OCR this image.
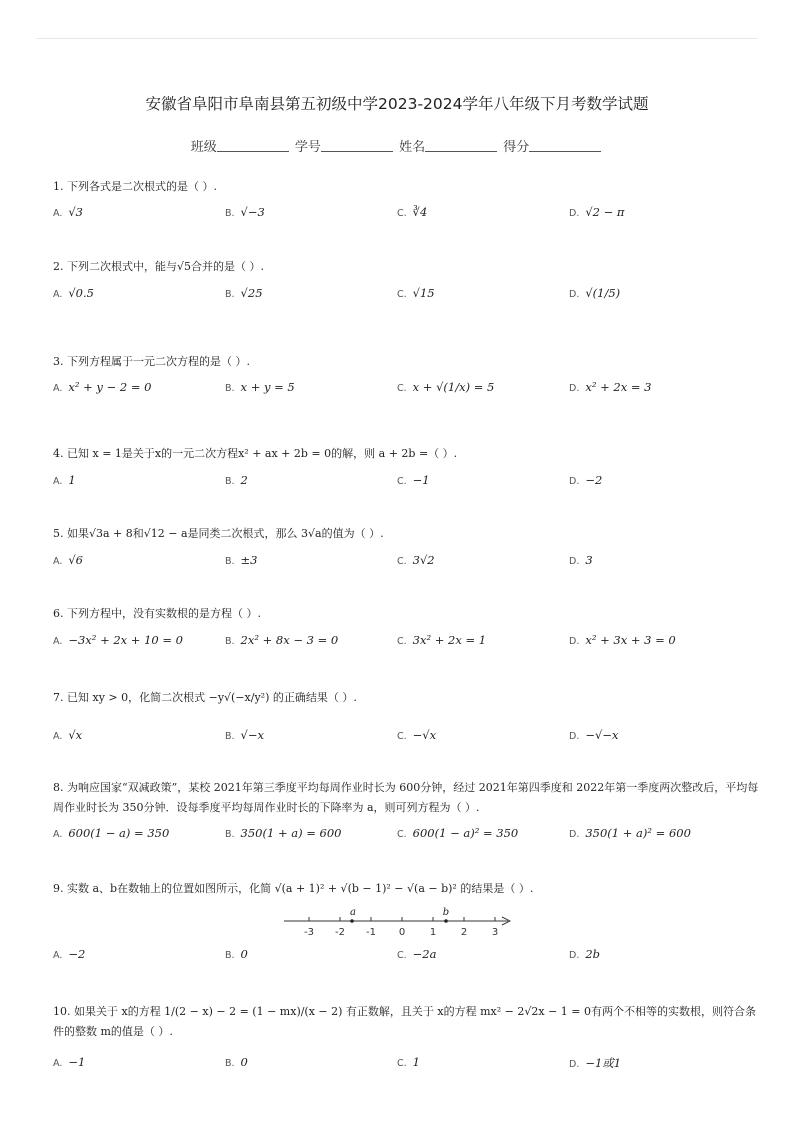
安徽省阜阳市阜南县第五初级中学2023-2024学年八年级下月考数学试题
班级	学号	姓名	得分

1. 下列各式是二次根式的是（ ）.

A. √3	B. √−3	C. ∛4	D. √2 − π

2. 下列二次根式中，能与√5合并的是（ ）.

A. √0.5	B. √25	C. √15	D. √(1/5)

3. 下列方程属于一元二次方程的是（ ）.

A. x² + y − 2 = 0	B. x + y = 5	C. x + √(1/x) = 5	D. x² + 2x = 3

4. 已知 x = 1是关于x的一元二次方程x² + ax + 2b = 0的解，则 a + 2b =（ ）.

A. 1	B. 2	C. −1	D. −2

5. 如果√3a + 8和√12 − a是同类二次根式，那么 3√a的值为（ ）.

A. √6	B. ±3	C. 3√2	D. 3

6. 下列方程中，没有实数根的是方程（ ）.

A. −3x² + 2x + 10 = 0	B. 2x² + 8x − 3 = 0	C. 3x² + 2x = 1	D. x² + 3x + 3 = 0

7. 已知 xy > 0，化简二次根式 −y√(−x/y²) 的正确结果（ ）.

A. √x	B. √−x	C. −√x	D. −√−x

8. 为响应国家“双减政策”，某校 2021年第三季度平均每周作业时长为 600分钟，经过 2021年第四季度和 2022年第一季度两次整改后，平均每周作业时长为 350分钟．设每季度平均每周作业时长的下降率为 a，则可列方程为（ ）.

A. 600(1 − a) = 350	B. 350(1 + a) = 600	C. 600(1 − a)² = 350	D. 350(1 + a)² = 600

9. 实数 a、b在数轴上的位置如图所示，化简 √(a + 1)² + √(b − 1)² − √(a − b)² 的结果是（ ）.

-3 -2 -1 0 1 2 3
a	b
A. −2	B. 0	C. −2a	D. 2b

10. 如果关于 x的方程 1/(2 − x) − 2 = (1 − mx)/(x − 2) 有正数解，且关于 x的方程 mx² − 2√2x − 1 = 0有两个不相等的实数根，则符合条件的整数 m的值是（ ）.

A. −1	B. 0	C. 1	D. −1或1
